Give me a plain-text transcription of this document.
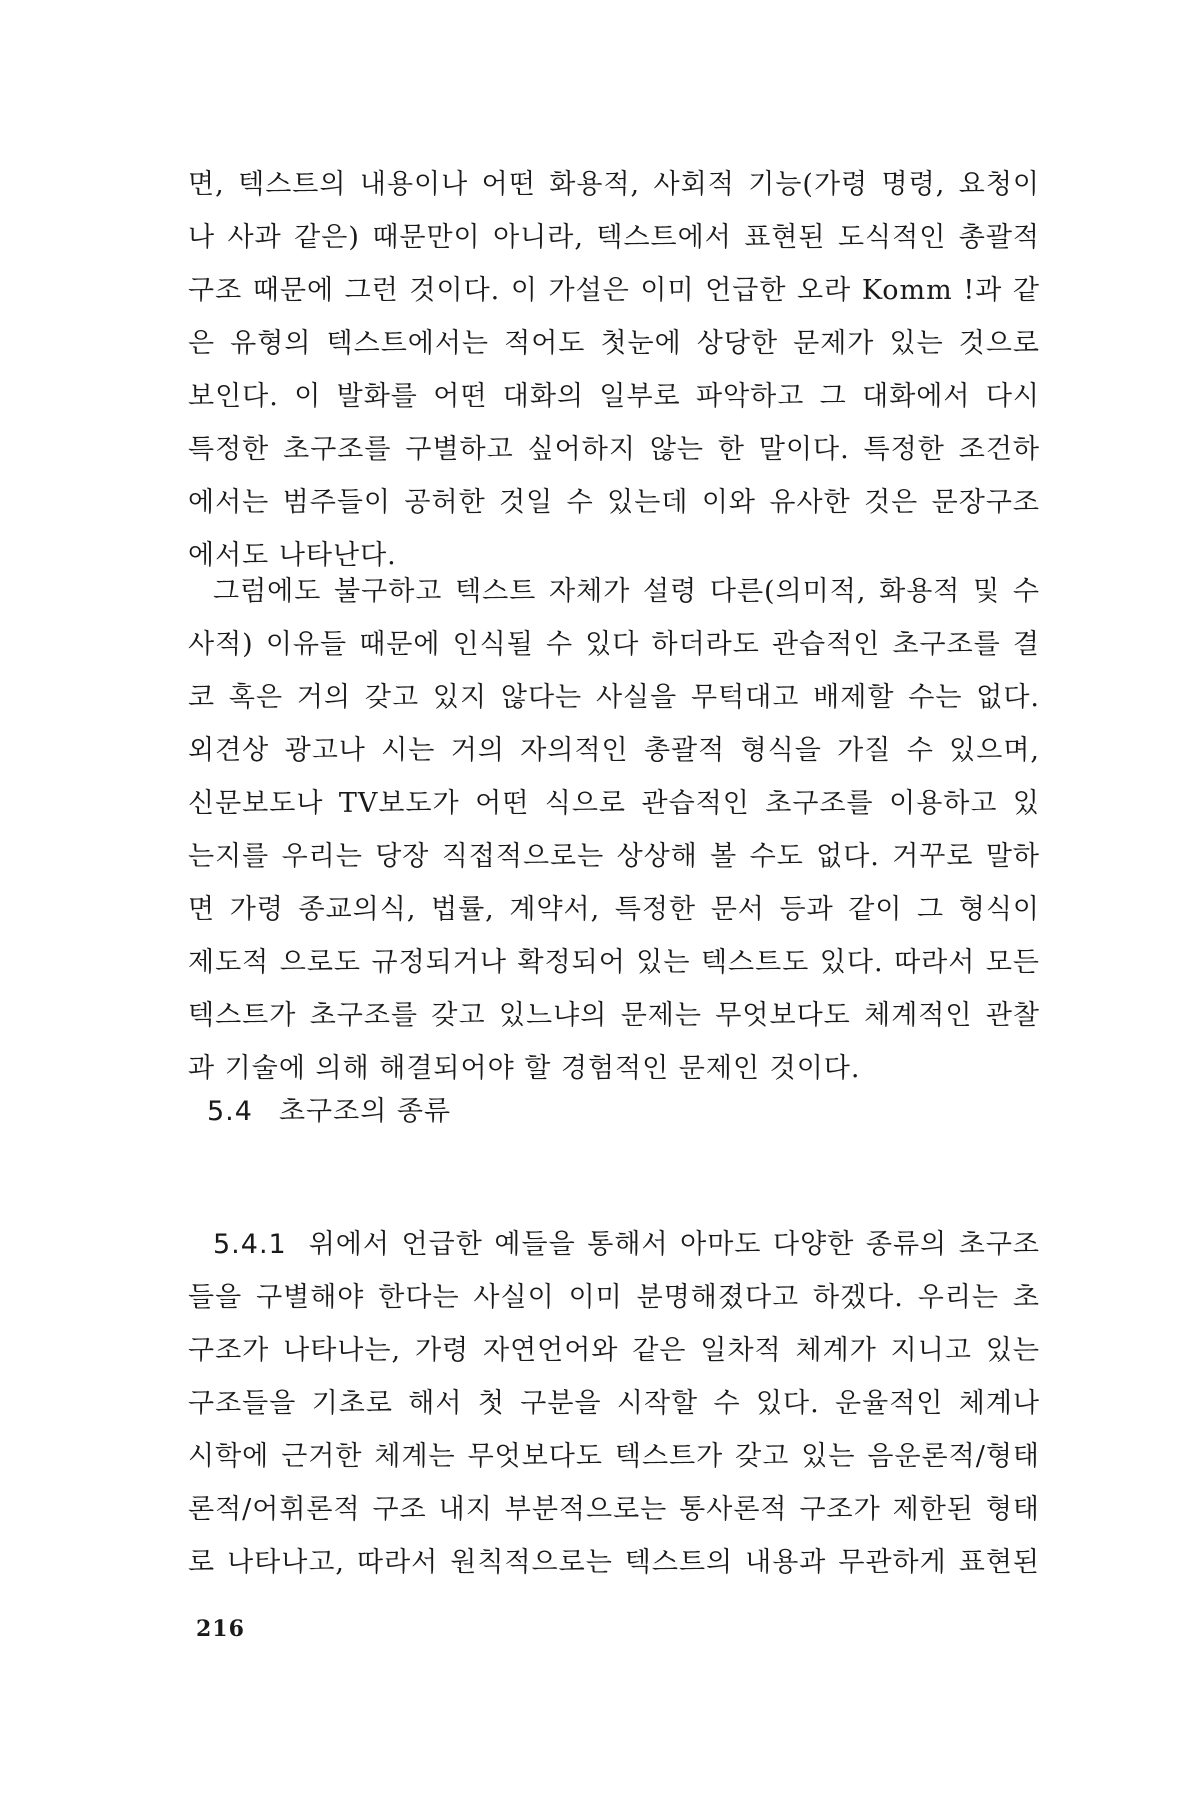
면, 텍스트의 내용이나 어떤 화용적, 사회적 기능(가령 명령, 요청이
나 사과 같은) 때문만이 아니라, 텍스트에서 표현된 도식적인 총괄적
구조 때문에 그런 것이다. 이 가설은 이미 언급한 오라 Komm !과 같
은 유형의 텍스트에서는 적어도 첫눈에 상당한 문제가 있는 것으로
보인다. 이 발화를 어떤 대화의 일부로 파악하고 그 대화에서 다시
특정한 초구조를 구별하고 싶어하지 않는 한 말이다. 특정한 조건하
에서는 범주들이 공허한 것일 수 있는데 이와 유사한 것은 문장구조
에서도 나타난다.
그럼에도 불구하고 텍스트 자체가 설령 다른(의미적, 화용적 및 수
사적) 이유들 때문에 인식될 수 있다 하더라도 관습적인 초구조를 결
코 혹은 거의 갖고 있지 않다는 사실을 무턱대고 배제할 수는 없다.
외견상 광고나 시는 거의 자의적인 총괄적 형식을 가질 수 있으며,
신문보도나 TV보도가 어떤 식으로 관습적인 초구조를 이용하고 있
는지를 우리는 당장 직접적으로는 상상해 볼 수도 없다. 거꾸로 말하
면 가령 종교의식, 법률, 계약서, 특정한 문서 등과 같이 그 형식이
제도적 으로도 규정되거나 확정되어 있는 텍스트도 있다. 따라서 모든
텍스트가 초구조를 갖고 있느냐의 문제는 무엇보다도 체계적인 관찰
과 기술에 의해 해결되어야 할 경험적인 문제인 것이다.
5.4 초구조의 종류
5.4.1 위에서 언급한 예들을 통해서 아마도 다양한 종류의 초구조
들을 구별해야 한다는 사실이 이미 분명해졌다고 하겠다. 우리는 초
구조가 나타나는, 가령 자연언어와 같은 일차적 체계가 지니고 있는
구조들을 기초로 해서 첫 구분을 시작할 수 있다. 운율적인 체계나
시학에 근거한 체계는 무엇보다도 텍스트가 갖고 있는 음운론적/형태
론적/어휘론적 구조 내지 부분적으로는 통사론적 구조가 제한된 형태
로 나타나고, 따라서 원칙적으로는 텍스트의 내용과 무관하게 표현된
216
